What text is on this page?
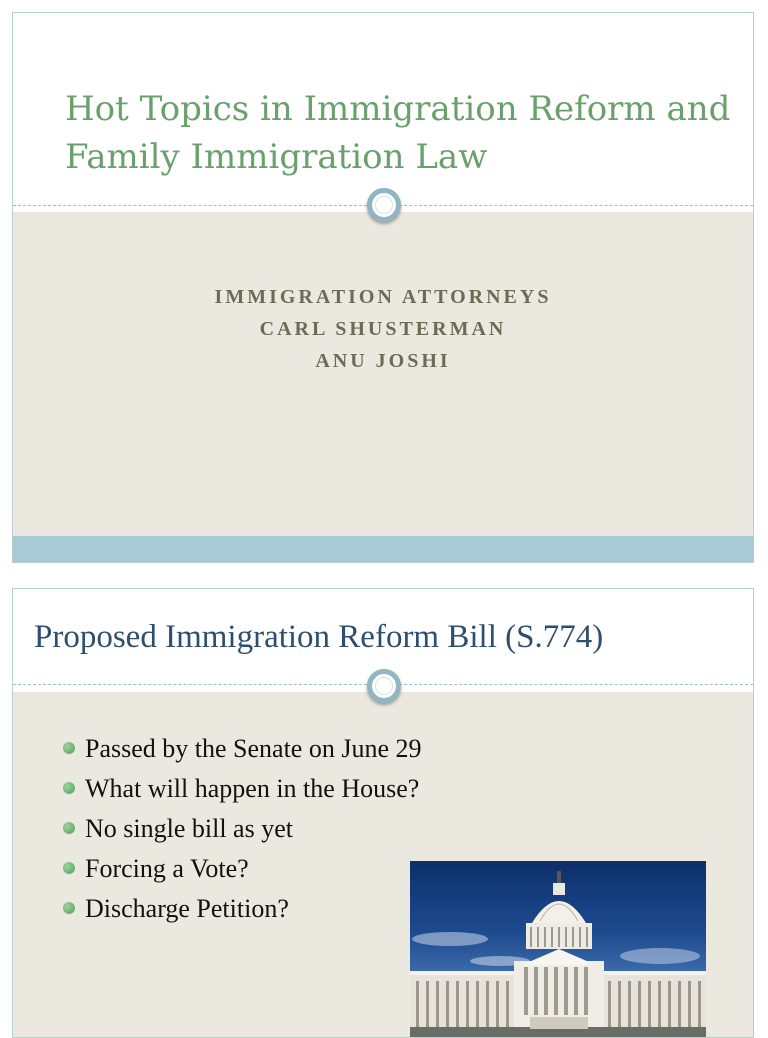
Hot Topics in Immigration Reform and Family Immigration Law
IMMIGRATION ATTORNEYS
CARL SHUSTERMAN
ANU JOSHI
Proposed Immigration Reform Bill (S.774)
Passed by the Senate on June 29
What will happen in the House?
No single bill as yet
Forcing a Vote?
Discharge Petition?
